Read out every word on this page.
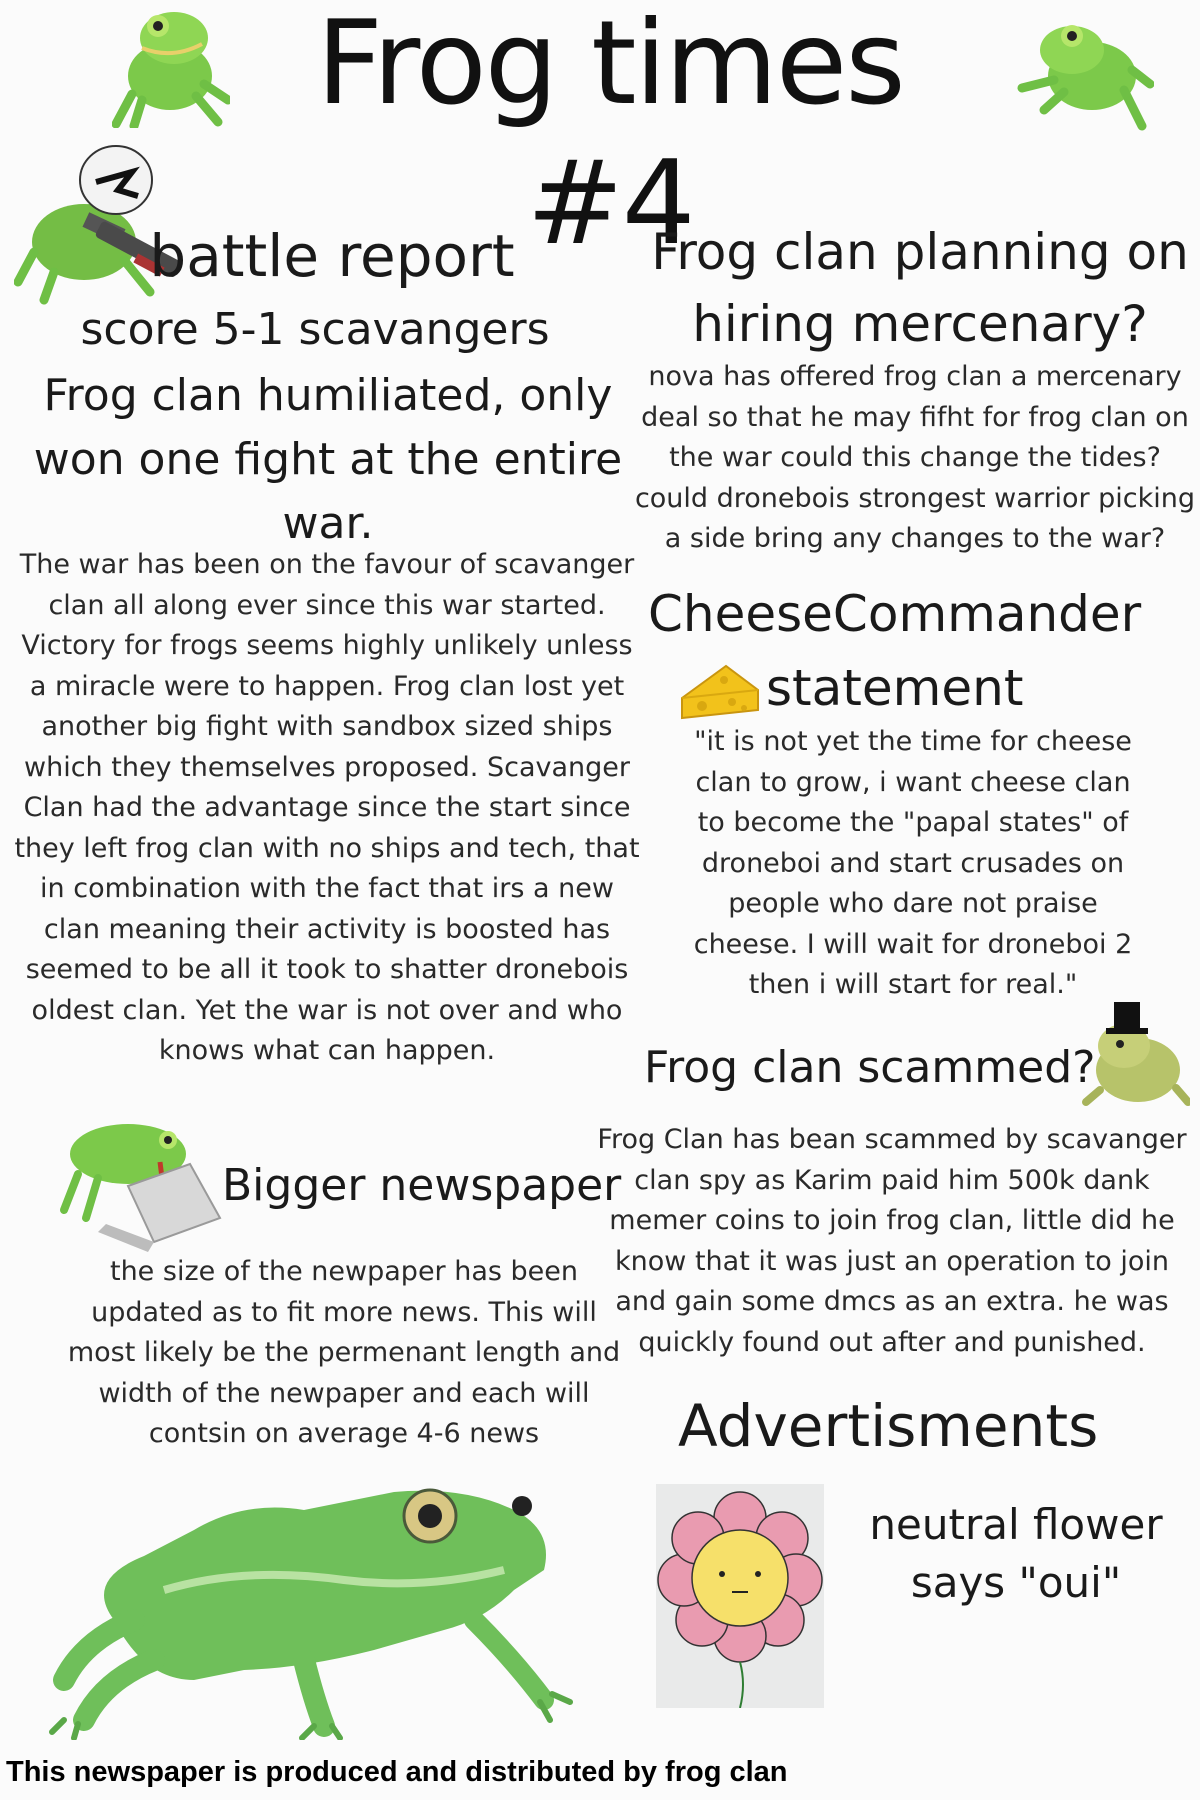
Frog times #4
battle report
score 5-1 scavangers
Frog clan humiliated, only won one fight at the entire war.
The war has been on the favour of scavanger clan all along ever since this war started. Victory for frogs seems highly unlikely unless a miracle were to happen. Frog clan lost yet another big fight with sandbox sized ships which they themselves proposed. Scavanger Clan had the advantage since the start since they left frog clan with no ships and tech, that in combination with the fact that irs a new clan meaning their activity is boosted has seemed to be all it took to shatter dronebois oldest clan. Yet the war is not over and who knows what can happen.
Frog clan planning on hiring mercenary?
nova has offered frog clan a mercenary deal so that he may fifht for frog clan on the war could this change the tides? could dronebois strongest warrior picking a side bring any changes to the war?
CheeseCommander
statement
"it is not yet the time for cheese clan to grow, i want cheese clan to become the "papal states" of droneboi and start crusades on people who dare not praise cheese. I will wait for droneboi 2 then i will start for real."
Frog clan scammed?
Frog Clan has bean scammed by scavanger clan spy as Karim paid him 500k dank memer coins to join frog clan, little did he know that it was just an operation to join and gain some dmcs as an extra. he was quickly found out after and punished.
Bigger newspaper
the size of the newpaper has been updated as to fit more news. This will most likely be the permenant length and width of the newpaper and each will contsin on average 4-6 news	Advertisments
neutral flower says "oui"
This newspaper is produced and distributed by frog clan
